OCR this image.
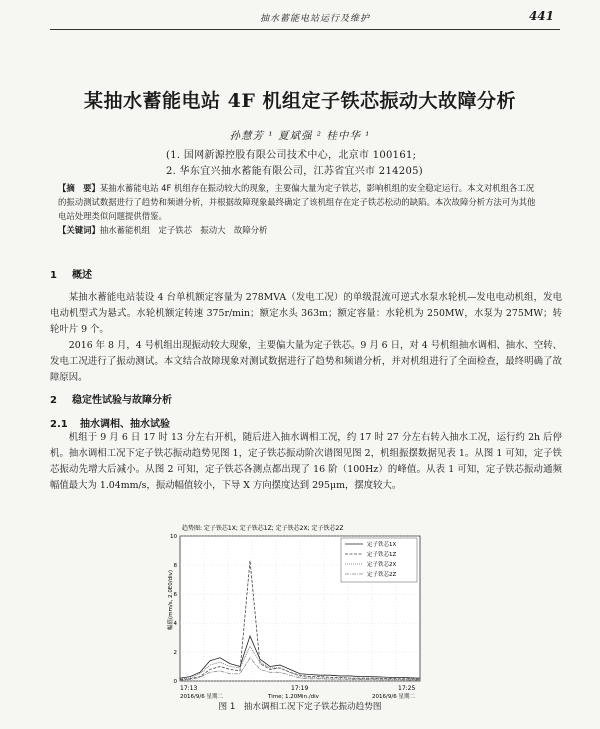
抽水蓄能电站运行及维护	441
某抽水蓄能电站 4F 机组定子铁芯振动大故障分析
孙慧芳 ¹ 夏斌强 ² 桂中华 ¹
(1. 国网新源控股有限公司技术中心，北京市 100161;
2. 华东宜兴抽水蓄能有限公司，江苏省宜兴市 214205)
【摘　要】某抽水蓄能电站 4F 机组存在振动较大的现象，主要偏大量为定子铁芯，影响机组的安全稳定运行。本文对机组各工况的振动测试数据进行了趋势和频谱分析，并根据故障现象最终确定了该机组存在定子铁芯松动的缺陷。本次故障分析方法可为其他电站处理类似问题提供借鉴。
【关键词】抽水蓄能机组　定子铁芯　振动大　故障分析
1 概述
某抽水蓄能电站装设 4 台单机额定容量为 278MVA（发电工况）的单级混流可逆式水泵水轮机—发电电动机组，发电电动机型式为悬式。水轮机额定转速 375r/min；额定水头 363m；额定容量：水轮机为 250MW，水泵为 275MW；转轮叶片 9 个。
2016 年 8 月，4 号机组出现振动较大现象，主要偏大量为定子铁芯。9 月 6 日，对 4 号机组抽水调相、抽水、空转、发电工况进行了振动测试。本文结合故障现象对测试数据进行了趋势和频谱分析，并对机组进行了全面检查，最终明确了故障原因。
2 稳定性试验与故障分析
2.1 抽水调相、抽水试验
机组于 9 月 6 日 17 时 13 分左右开机，随后进入抽水调相工况，约 17 时 27 分左右转入抽水工况，运行约 2h 后停机。抽水调相工况下定子铁芯振动趋势见图 1，定子铁芯振动阶次谱图见图 2，机组振摆数据见表 1。从图 1 可知，定子铁芯振动先增大后减小。从图 2 可知，定子铁芯各测点都出现了 16 阶（100Hz）的峰值。从表 1 可知，定子铁芯振动通频幅值最大为 1.04mm/s，振动幅值较小，下导 X 方向摆度达到 295μm，摆度较大。
趋势图: 定子铁芯1X; 定子铁芯1Z; 定子铁芯2X; 定子铁芯2Z
0
2
4
6
8
10
幅值(mm/s, 2.0E0/div)
定子铁芯1X
定子铁芯1Z
定子铁芯2X
定子铁芯2Z
17:13
2016/9/6 星期二
17:19
Time; 1.20Min./div
17:25
2016/9/6 星期二
图 1　抽水调相工况下定子铁芯振动趋势图
